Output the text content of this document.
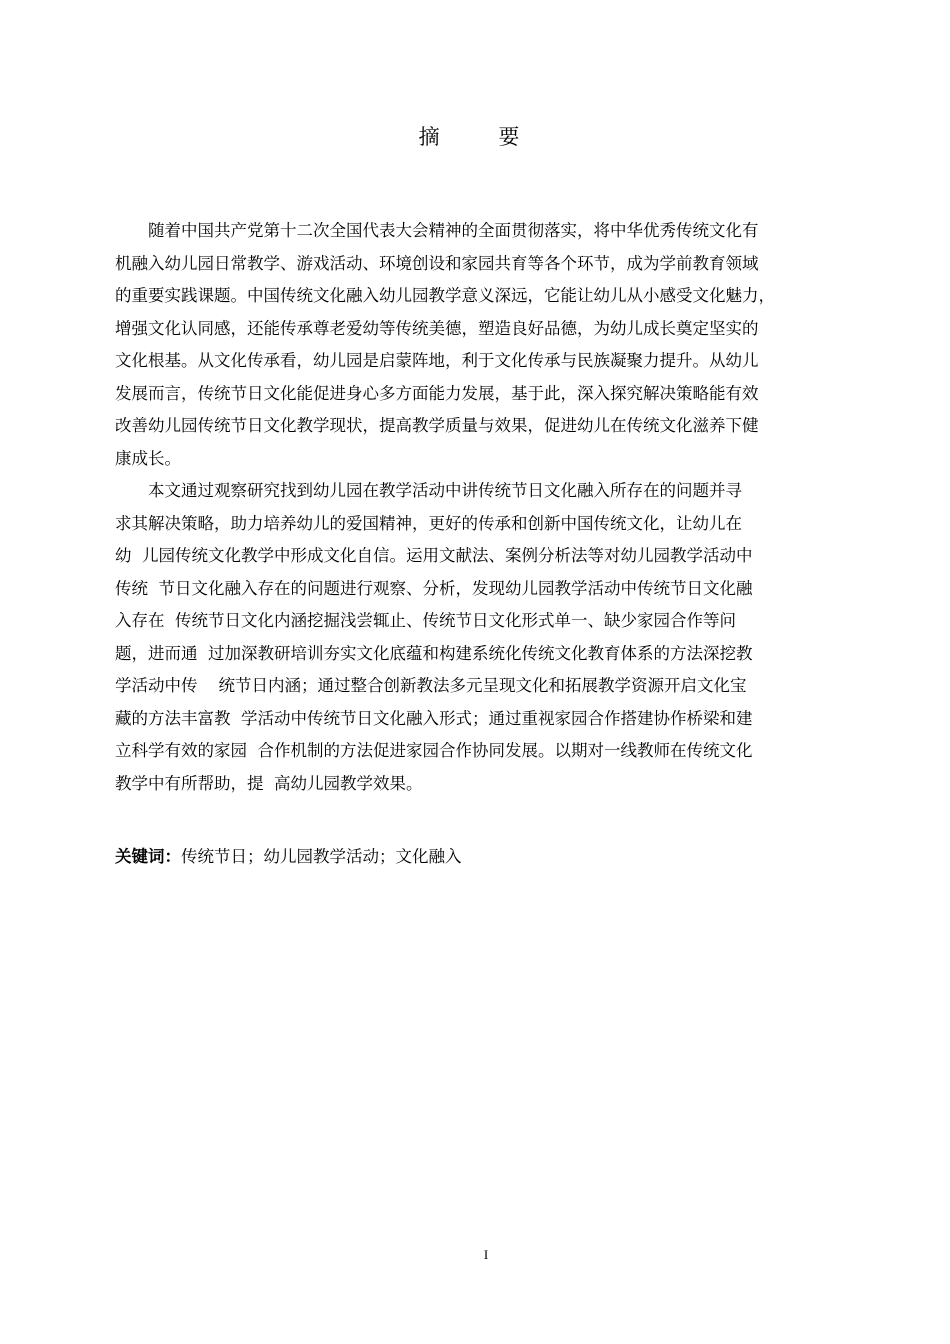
摘 要

随着中国共产党第十二次全国代表大会精神的全面贯彻落实，将中华优秀传统文化有
机融入幼儿园日常教学、游戏活动、环境创设和家园共育等各个环节，成为学前教育领域
的重要实践课题。中国传统文化融入幼儿园教学意义深远，它能让幼儿从小感受文化魅力，
增强文化认同感，还能传承尊老爱幼等传统美德，塑造良好品德，为幼儿成长奠定坚实的
文化根基。从文化传承看，幼儿园是启蒙阵地，利于文化传承与民族凝聚力提升。从幼儿
发展而言，传统节日文化能促进身心多方面能力发展，基于此，深入探究解决策略能有效
改善幼儿园传统节日文化教学现状，提高教学质量与效果，促进幼儿在传统文化滋养下健
康成长。

本文通过观察研究找到幼儿园在教学活动中讲传统节日文化融入所存在的问题并寻
求其解决策略，助力培养幼儿的爱国精神，更好的传承和创新中国传统文化，让幼儿在
幼  儿园传统文化教学中形成文化自信。运用文献法、案例分析法等对幼儿园教学活动中
传统  节日文化融入存在的问题进行观察、分析，发现幼儿园教学活动中传统节日文化融
入存在  传统节日文化内涵挖掘浅尝辄止、传统节日文化形式单一、缺少家园合作等问
题，进而通  过加深教研培训夯实文化底蕴和构建系统化传统文化教育体系的方法深挖教
学活动中传    统节日内涵；通过整合创新教法多元呈现文化和拓展教学资源开启文化宝
藏的方法丰富教  学活动中传统节日文化融入形式；通过重视家园合作搭建协作桥梁和建
立科学有效的家园  合作机制的方法促进家园合作协同发展。以期对一线教师在传统文化
教学中有所帮助，提  高幼儿园教学效果。

关键词：传统节日；幼儿园教学活动；文化融入
I
